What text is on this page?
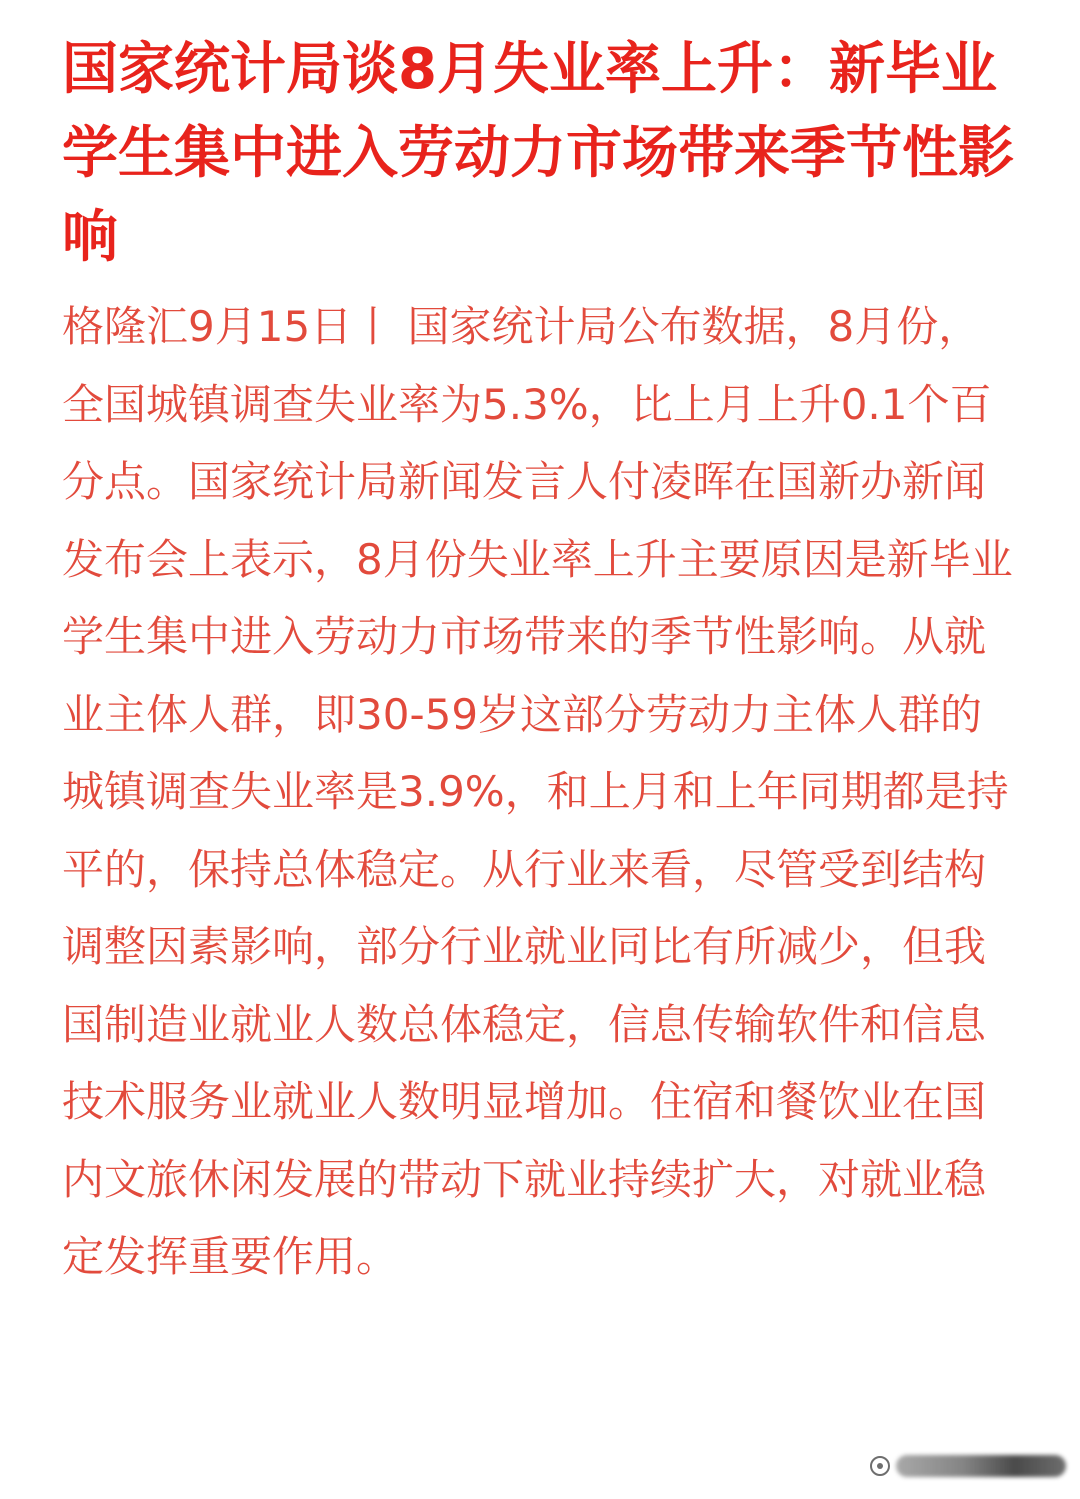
国家统计局谈8月失业率上升：新毕业学生集中进入劳动力市场带来季节性影响

格隆汇9月15日丨 国家统计局公布数据，8月份，全国城镇调查失业率为5.3%，比上月上升0.1个百分点。国家统计局新闻发言人付凌晖在国新办新闻发布会上表示，8月份失业率上升主要原因是新毕业学生集中进入劳动力市场带来的季节性影响。从就业主体人群，即30-59岁这部分劳动力主体人群的城镇调查失业率是3.9%，和上月和上年同期都是持平的，保持总体稳定。从行业来看，尽管受到结构调整因素影响，部分行业就业同比有所减少，但我国制造业就业人数总体稳定，信息传输软件和信息技术服务业就业人数明显增加。住宿和餐饮业在国内文旅休闲发展的带动下就业持续扩大，对就业稳定发挥重要作用。
